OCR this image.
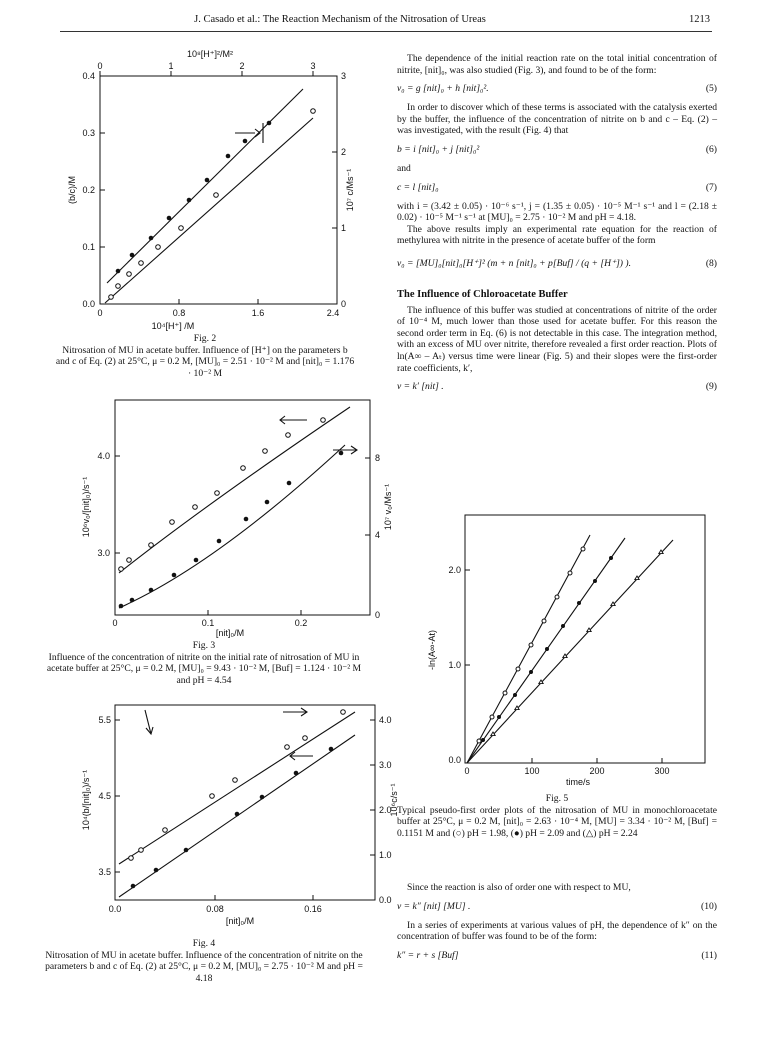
J. Casado et al.: The Reaction Mechanism of the Nitrosation of Ureas	1213
0	1	2	3
10⁸[H⁺]²/M²
0.4
0.3
0.2
0.1
0.0
(b/c)/M
3
2
1
0
10⁷ c/Ms⁻¹
0	0.8	1.6	2.4
10⁴[H⁺] /M
Fig. 2
Nitrosation of MU in acetate buffer. Influence of [H⁺] on the parameters b and c of Eq. (2) at 25°C, μ = 0.2 M, [MU]₀ = 2.51 · 10⁻² M and [nit]₀ = 1.176 · 10⁻² M
4.0
3.0
10⁶v₀/[nit]₀)/s⁻¹
8
4
0
10⁷ v₀/Ms⁻¹
0	0.1	0.2
[nit]₀/M
Fig. 3
Influence of the concentration of nitrite on the initial rate of nitrosation of MU in acetate buffer at 25°C, μ = 0.2 M, [MU]₀ = 9.43 · 10⁻² M, [Buf] = 1.124 · 10⁻² M and pH = 4.54
5.5
4.5
3.5
10⁴(b/[nit]₀)/s⁻¹
4.0
3.0
2.0
1.0
0.0
10⁶c/s⁻¹
0.0	0.08	0.16
[nit]₀/M
Fig. 4
Nitrosation of MU in acetate buffer. Influence of the concentration of nitrite on the parameters b and c of Eq. (2) at 25°C, μ = 0.2 M, [MU]₀ = 2.75 · 10⁻² M and pH = 4.18
2.0
1.0
0.0
-ln(A∞-At)
0	100	200	300
time/s
Fig. 5
Typical pseudo-first order plots of the nitrosation of MU in monochloroacetate buffer at 25°C, μ = 0.2 M, [nit]₀ = 2.63 · 10⁻⁴ M, [MU] = 3.34 · 10⁻² M, [Buf] = 0.1151 M and (○) pH = 1.98, (●) pH = 2.09 and (△) pH = 2.24

The dependence of the initial reaction rate on the total initial concentration of nitrite, [nit]₀, was also studied (Fig. 3), and found to be of the form:

v₀ = g [nit]₀ + h [nit]₀².	(5)

In order to discover which of these terms is associated with the catalysis exerted by the buffer, the influence of the concentration of nitrite on b and c – Eq. (2) – was investigated, with the result (Fig. 4) that

b = i [nit]₀ + j [nit]₀²	(6)

and

c = l [nit]₀	(7)

with i = (3.42 ± 0.05) · 10⁻⁶ s⁻¹, j = (1.35 ± 0.05) · 10⁻⁵ M⁻¹ s⁻¹ and l = (2.18 ± 0.02) · 10⁻⁵ M⁻¹ s⁻¹ at [MU]₀ = 2.75 · 10⁻² M and pH = 4.18.

The above results imply an experimental rate equation for the reaction of methylurea with nitrite in the presence of acetate buffer of the form

v₀ = [MU]₀[nit]₀[H⁺]² (m + n [nit]₀ + p[Buf] / (q + [H⁺]) ).	(8)
The Influence of Chloroacetate Buffer

The influence of this buffer was studied at concentrations of nitrite of the order of 10⁻⁴ M, much lower than those used for acetate buffer. For this reason the second order term in Eq. (6) is not detectable in this case. The integration method, with an excess of MU over nitrite, therefore revealed a first order reaction. Plots of ln(A∞ – Aₜ) versus time were linear (Fig. 5) and their slopes were the first-order rate coefficients, k′,

v = k′ [nit] .	(9)

Since the reaction is also of order one with respect to MU,

v = k″ [nit] [MU] .	(10)

In a series of experiments at various values of pH, the dependence of k″ on the concentration of buffer was found to be of the form:

k″ = r + s [Buf]	(11)
